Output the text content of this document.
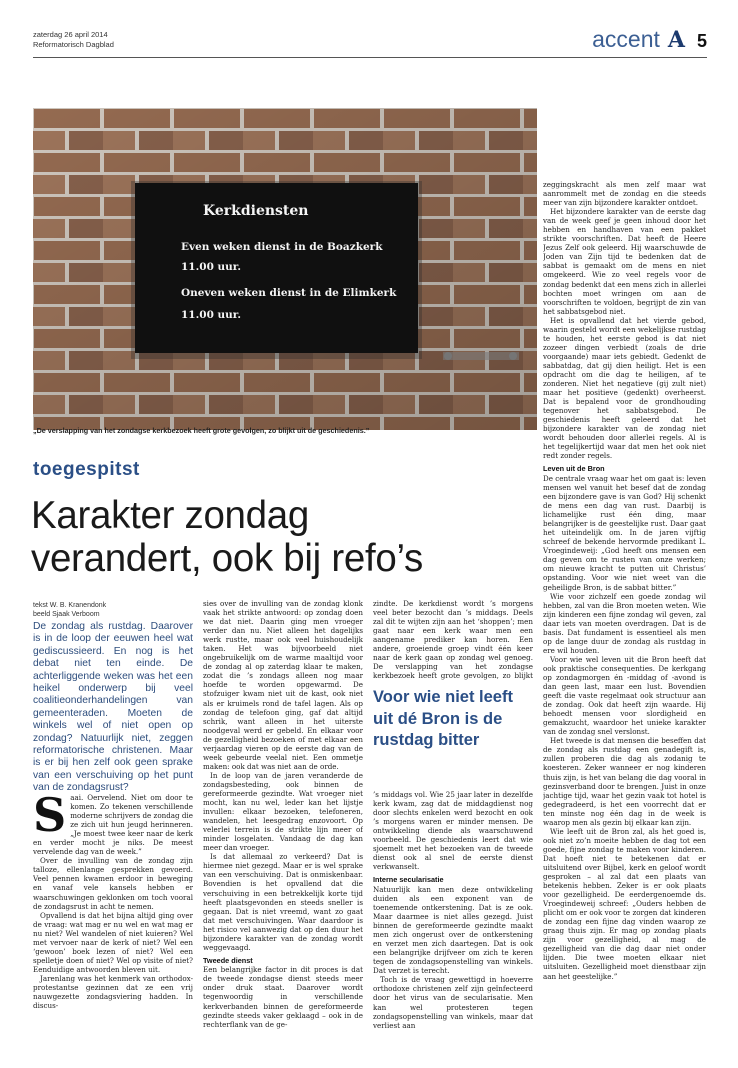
zaterdag 26 april 2014
Reformatorisch Dagblad	accent A 5
Kerkdiensten
Even weken dienst in de Boazkerk
11.00 uur.
Oneven weken dienst in de Elimkerk
11.00 uur.
„De verslapping van het zondagse kerkbezoek heeft grote gevolgen, zo blijkt uit de geschiedenis.”
toegespitst
Karakter zondag
verandert, ook bij refo’s
tekst W. B. Kranendonk
beeld Sjaak Verboom
De zondag als rustdag. Daarover is in de loop der eeuwen heel wat gediscussieerd. En nog is het debat niet ten einde. De achterliggende weken was het een heikel onderwerp bij veel coalitieonderhandelingen van gemeenteraden. Moeten de winkels wel of niet open op zondag? Natuurlijk niet, zeggen reformatorische christenen. Maar is er bij hen zelf ook geen sprake van een verschuiving op het punt van de zondagsrust?
S aai. Oervelend. Niet om door te komen. Zo tekenen verschillende moderne schrijvers de zondag die ze zich uit hun jeugd herinneren. „Je moest twee keer naar de kerk en verder mocht je niks. De meest vervelende dag van de week.”

Over de invulling van de zondag zijn talloze, ellenlange gesprekken gevoerd. Veel pennen kwamen erdoor in beweging en vanaf vele kansels hebben er waarschuwingen geklonken om toch vooral de zondagsrust in acht te nemen.

Opvallend is dat het bijna altijd ging over de vraag: wat mag er nu wel en wat mag er nu niet? Wel wandelen of niet kuieren? Wel met vervoer naar de kerk of niet? Wel een ‘gewoon’ boek lezen of niet? Wel een spelletje doen of niet? Wel op visite of niet? Eenduidige antwoorden bleven uit.

Jarenlang was het kenmerk van orthodox-protestantse gezinnen dat ze een vrij nauwgezette zondagsviering hadden. In discus-

sies over de invulling van de zondag klonk vaak het strikte antwoord: op zondag doen we dat niet. Daarin ging men vroeger verder dan nu. Niet alleen het dagelijks werk rustte, maar ook veel huishoudelijk taken. Het was bijvoorbeeld niet ongebruikelijk om de warme maaltijd voor de zondag al op zaterdag klaar te maken, zodat die ’s zondags alleen nog maar hoefde te worden opgewarmd. De stofzuiger kwam niet uit de kast, ook niet als er kruimels rond de tafel lagen. Als op zondag de telefoon ging, gaf dat altijd schrik, want alleen in het uiterste noodgeval werd er gebeld. En elkaar voor de gezelligheid bezoeken of met elkaar een verjaardag vieren op de eerste dag van de week gebeurde veelal niet. Een ommetje maken: ook dat was niet aan de orde.

In de loop van de jaren veranderde de zondagsbesteding, ook binnen de gereformeerde gezindte. Wat vroeger niet mocht, kan nu wel, leder kan het lijstje invullen: elkaar bezoeken, telefoneren, wandelen, het leesgedrag enzovoort. Op velerlei terrein is de strikte lijn meer of minder losgelaten. Vandaag de dag kan meer dan vroeger.

Is dat allemaal zo verkeerd? Dat is hiermee niet gezegd. Maar er is wel sprake van een verschuiving. Dat is onmiskenbaar. Bovendien is het opvallend dat die verschuiving in een betrekkelijk korte tijd heeft plaatsgevonden en steeds sneller is gegaan. Dat is niet vreemd, want zo gaat dat met verschuivingen. Waar daardoor is het risico vel aanwezig dat op den duur het bijzondere karakter van de zondag wordt weggevaagd.

Tweede dienst

Een belangrijke factor in dit proces is dat de tweede zondagse dienst steeds meer onder druk staat. Daarover wordt tegenwoordig in verschillende kerkverbanden binnen de gereformeerde gezindte steeds vaker geklaagd – ook in de rechterflank van de ge-

zindte. De kerkdienst wordt ’s morgens veel beter bezocht dan ’s middags. Deels zal dit te wijten zijn aan het ‘shoppen’; men gaat naar een kerk waar men een aangename prediker kan horen. Een andere, groeiende groep vindt één keer naar de kerk gaan op zondag wel genoeg. De verslapping van het zondagse kerkbezoek heeft grote gevolgen, zo blijkt

Voor wie niet leeft uit dé Bron is de rustdag bitter

’s middags vol. Wie 25 jaar later in dezelfde kerk kwam, zag dat de middagdienst nog door slechts enkelen werd bezocht en ook ’s morgens waren er minder mensen. De ontwikkeling diende als waarschuwend voorbeeld. De geschiedenis leert dat wie sjoemelt met het bezoeken van de tweede dienst ook al snel de eerste dienst verkwanselt.

Interne secularisatie

Natuurlijk kan men deze ontwikkeling duiden als een exponent van de toenemende ontkerstening. Dat is ze ook. Maar daarmee is niet alles gezegd. Juist binnen de gereformeerde gezindte maakt men zich ongerust over de ontkerstening en verzet men zich daartegen. Dat is ook een belangrijke drijfveer om zich te keren tegen de zondagsopenstelling van winkels. Dat verzet is terecht.

Toch is de vraag gewettigd in hoeverre orthodoxe christenen zelf zijn geïnfecteerd door het virus van de secularisatie. Men kan wel protesteren tegen zondagsopenstelling van winkels, maar dat verliest aan

zeggingskracht als men zelf maar wat aanrommelt met de zondag en die steeds meer van zijn bijzondere karakter ontdoet.

Het bijzondere karakter van de eerste dag van de week geef je geen inhoud door het hebben en handhaven van een pakket strikte voorschriften. Dat heeft de Heere Jezus Zelf ook geleerd. Hij waarschuwde de Joden van Zijn tijd te bedenken dat de sabbat is gemaakt om de mens en niet omgekeerd. Wie zo veel regels voor de zondag bedenkt dat een mens zich in allerlei bochten moet wringen om aan de voorschriften te voldoen, begrijpt de zin van het sabbatsgebod niet.

Het is opvallend dat het vierde gebod, waarin gesteld wordt een wekelijkse rustdag te houden, het eerste gebod is dat niet zozeer dingen verbiedt (zoals de drie voorgaande) maar iets gebiedt. Gedenkt de sabbatdag, dat gij dien heiligt. Het is een opdracht om die dag te heiligen, af te zonderen. Niet het negatieve (gij zult niet) maar het positieve (gedenkt) overheerst. Dat is bepalend voor de grondhouding tegenover het sabbatsgebod. De geschiedenis heeft geleerd dat het bijzondere karakter van de zondag niet wordt behouden door allerlei regels. Al is het tegelijkertijd waar dat men het ook niet redt zonder regels.

Leven uit de Bron

De centrale vraag waar het om gaat is: leven mensen wel vanuit het besef dat de zondag een bijzondere gave is van God? Hij schenkt de mens een dag van rust. Daarbij is lichamelijke rust één ding, maar belangrijker is de geestelijke rust. Daar gaat het uiteindelijk om. In de jaren vijftig schreef de bekende hervormde predikant L. Vroegindeweij: „God heeft ons mensen een dag geven om te rusten van onze werken; om nieuwe kracht te putten uit Christus’ opstanding. Voor wie niet weet van die geheiligde Bron, is de sabbat bitter.”

Wie voor zichzelf een goede zondag wil hebben, zal van die Bron moeten weten. Wie zijn kinderen een fijne zondag wil geven, zal daar iets van moeten overdragen. Dat is de basis. Dat fundament is essentieel als men op de lange duur de zondag als rustdag in ere wil houden.

Voor wie wel leven uit die Bron heeft dat ook praktische consequenties. De kerkgang op zondagmorgen én -middag of -avond is dan geen last, maar een lust. Bovendien geeft die vaste regelmaat ook structuur aan de zondag. Ook dat heeft zijn waarde. Hij behoedt mensen voor slordigheid en gemakzucht, waardoor het unieke karakter van de zondag snel verslonst.

Het tweede is dat mensen die beseffen dat de zondag als rustdag een genadegift is, zullen proberen die dag als zodanig te koesteren. Zeker wanneer er nog kinderen thuis zijn, is het van belang die dag vooral in gezinsverband door te brengen. Juist in onze jachtige tijd, waar het gezin vaak tot hotel is gedegradeerd, is het een voorrecht dat er ten minste nog één dag in de week is waarop men als gezin bij elkaar kan zijn.

Wie leeft uit de Bron zal, als het goed is, ook niet zo’n moeite hebben de dag tot een goede, fijne zondag te maken voor kinderen. Dat hoeft niet te betekenen dat er uitsluitend over Bijbel, kerk en geloof wordt gesproken – al zal dat een plaats van betekenis hebben. Zeker is er ook plaats voor gezelligheid. De eerdergenoemde ds. Vroegindeweij schreef: „Ouders hebben de plicht om er ook voor te zorgen dat kinderen de zondag een fijne dag vinden waarop ze graag thuis zijn. Er mag op zondag plaats zijn voor gezelligheid, al mag de gezelligheid van die dag daar niet onder lijden. Die twee moeten elkaar niet uitsluiten. Gezelligheid moet dienstbaar zijn aan het geestelijke.”
